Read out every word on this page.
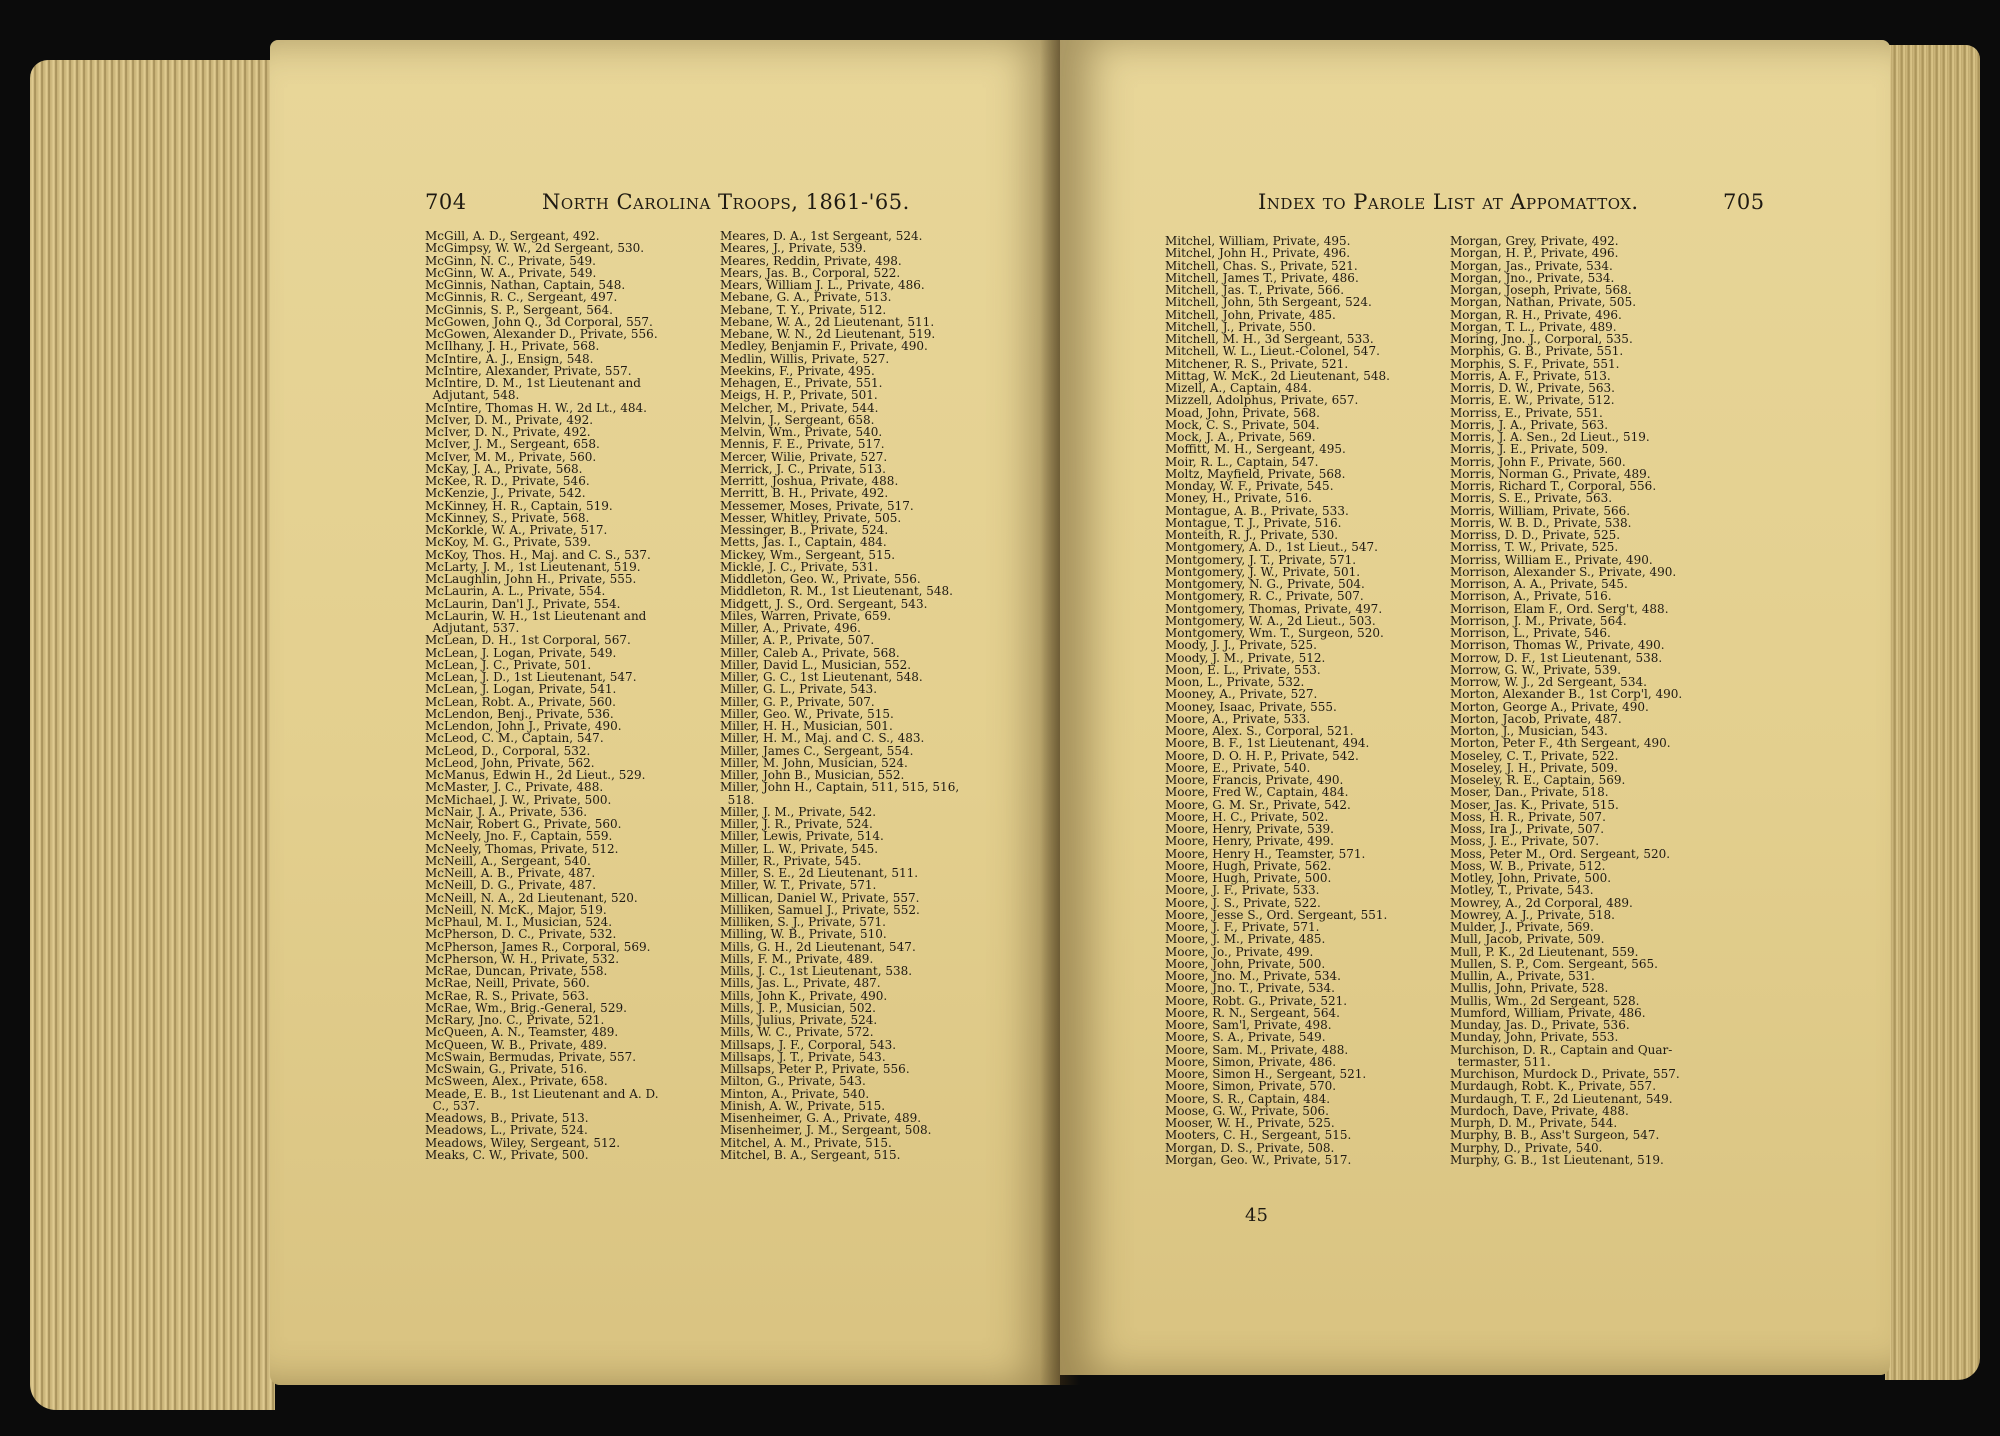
704	North Carolina Troops, 1861-'65.
McGill, A. D., Sergeant, 492.
McGimpsy, W. W., 2d Sergeant, 530.
McGinn, N. C., Private, 549.
McGinn, W. A., Private, 549.
McGinnis, Nathan, Captain, 548.
McGinnis, R. C., Sergeant, 497.
McGinnis, S. P., Sergeant, 564.
McGowen, John Q., 3d Corporal, 557.
McGowen, Alexander D., Private, 556.
McIlhany, J. H., Private, 568.
McIntire, A. J., Ensign, 548.
McIntire, Alexander, Private, 557.
McIntire, D. M., 1st Lieutenant and
Adjutant, 548.
McIntire, Thomas H. W., 2d Lt., 484.
McIver, D. M., Private, 492.
McIver, D. N., Private, 492.
McIver, J. M., Sergeant, 658.
McIver, M. M., Private, 560.
McKay, J. A., Private, 568.
McKee, R. D., Private, 546.
McKenzie, J., Private, 542.
McKinney, H. R., Captain, 519.
McKinney, S., Private, 568.
McKorkle, W. A., Private, 517.
McKoy, M. G., Private, 539.
McKoy, Thos. H., Maj. and C. S., 537.
McLarty, J. M., 1st Lieutenant, 519.
McLaughlin, John H., Private, 555.
McLaurin, A. L., Private, 554.
McLaurin, Dan'l J., Private, 554.
McLaurin, W. H., 1st Lieutenant and
Adjutant, 537.
McLean, D. H., 1st Corporal, 567.
McLean, J. Logan, Private, 549.
McLean, J. C., Private, 501.
McLean, J. D., 1st Lieutenant, 547.
McLean, J. Logan, Private, 541.
McLean, Robt. A., Private, 560.
McLendon, Benj., Private, 536.
McLendon, John J., Private, 490.
McLeod, C. M., Captain, 547.
McLeod, D., Corporal, 532.
McLeod, John, Private, 562.
McManus, Edwin H., 2d Lieut., 529.
McMaster, J. C., Private, 488.
McMichael, J. W., Private, 500.
McNair, J. A., Private, 536.
McNair, Robert G., Private, 560.
McNeely, Jno. F., Captain, 559.
McNeely, Thomas, Private, 512.
McNeill, A., Sergeant, 540.
McNeill, A. B., Private, 487.
McNeill, D. G., Private, 487.
McNeill, N. A., 2d Lieutenant, 520.
McNeill, N. McK., Major, 519.
McPhaul, M. I., Musician, 524.
McPherson, D. C., Private, 532.
McPherson, James R., Corporal, 569.
McPherson, W. H., Private, 532.
McRae, Duncan, Private, 558.
McRae, Neill, Private, 560.
McRae, R. S., Private, 563.
McRae, Wm., Brig.-General, 529.
McRary, Jno. C., Private, 521.
McQueen, A. N., Teamster, 489.
McQueen, W. B., Private, 489.
McSwain, Bermudas, Private, 557.
McSwain, G., Private, 516.
McSween, Alex., Private, 658.
Meade, E. B., 1st Lieutenant and A. D.
C., 537.
Meadows, B., Private, 513.
Meadows, L., Private, 524.
Meadows, Wiley, Sergeant, 512.
Meaks, C. W., Private, 500.
Meares, D. A., 1st Sergeant, 524.
Meares, J., Private, 539.
Meares, Reddin, Private, 498.
Mears, Jas. B., Corporal, 522.
Mears, William J. L., Private, 486.
Mebane, G. A., Private, 513.
Mebane, T. Y., Private, 512.
Mebane, W. A., 2d Lieutenant, 511.
Mebane, W. N., 2d Lieutenant, 519.
Medley, Benjamin F., Private, 490.
Medlin, Willis, Private, 527.
Meekins, F., Private, 495.
Mehagen, E., Private, 551.
Meigs, H. P., Private, 501.
Melcher, M., Private, 544.
Melvin, J., Sergeant, 658.
Melvin, Wm., Private, 540.
Mennis, F. E., Private, 517.
Mercer, Wilie, Private, 527.
Merrick, J. C., Private, 513.
Merritt, Joshua, Private, 488.
Merritt, B. H., Private, 492.
Messemer, Moses, Private, 517.
Messer, Whitley, Private, 505.
Messinger, B., Private, 524.
Metts, Jas. I., Captain, 484.
Mickey, Wm., Sergeant, 515.
Mickle, J. C., Private, 531.
Middleton, Geo. W., Private, 556.
Middleton, R. M., 1st Lieutenant, 548.
Midgett, J. S., Ord. Sergeant, 543.
Miles, Warren, Private, 659.
Miller, A., Private, 496.
Miller, A. P., Private, 507.
Miller, Caleb A., Private, 568.
Miller, David L., Musician, 552.
Miller, G. C., 1st Lieutenant, 548.
Miller, G. L., Private, 543.
Miller, G. P., Private, 507.
Miller, Geo. W., Private, 515.
Miller, H. H., Musician, 501.
Miller, H. M., Maj. and C. S., 483.
Miller, James C., Sergeant, 554.
Miller, M. John, Musician, 524.
Miller, John B., Musician, 552.
Miller, John H., Captain, 511, 515, 516,
518.
Miller, J. M., Private, 542.
Miller, J. R., Private, 524.
Miller, Lewis, Private, 514.
Miller, L. W., Private, 545.
Miller, R., Private, 545.
Miller, S. E., 2d Lieutenant, 511.
Miller, W. T., Private, 571.
Millican, Daniel W., Private, 557.
Milliken, Samuel J., Private, 552.
Milliken, S. J., Private, 571.
Milling, W. B., Private, 510.
Mills, G. H., 2d Lieutenant, 547.
Mills, F. M., Private, 489.
Mills, J. C., 1st Lieutenant, 538.
Mills, Jas. L., Private, 487.
Mills, John K., Private, 490.
Mills, J. P., Musician, 502.
Mills, Julius, Private, 524.
Mills, W. C., Private, 572.
Millsaps, J. F., Corporal, 543.
Millsaps, J. T., Private, 543.
Millsaps, Peter P., Private, 556.
Milton, G., Private, 543.
Minton, A., Private, 540.
Minish, A. W., Private, 515.
Misenheimer, G. A., Private, 489.
Misenheimer, J. M., Sergeant, 508.
Mitchel, A. M., Private, 515.
Mitchel, B. A., Sergeant, 515.
Index to Parole List at Appomattox.	705
Mitchel, William, Private, 495.
Mitchel, John H., Private, 496.
Mitchell, Chas. S., Private, 521.
Mitchell, James T., Private, 486.
Mitchell, Jas. T., Private, 566.
Mitchell, John, 5th Sergeant, 524.
Mitchell, John, Private, 485.
Mitchell, J., Private, 550.
Mitchell, M. H., 3d Sergeant, 533.
Mitchell, W. L., Lieut.-Colonel, 547.
Mitchener, R. S., Private, 521.
Mittag, W. McK., 2d Lieutenant, 548.
Mizell, A., Captain, 484.
Mizzell, Adolphus, Private, 657.
Moad, John, Private, 568.
Mock, C. S., Private, 504.
Mock, J. A., Private, 569.
Moffitt, M. H., Sergeant, 495.
Moir, R. L., Captain, 547.
Moltz, Mayfield, Private, 568.
Monday, W. F., Private, 545.
Money, H., Private, 516.
Montague, A. B., Private, 533.
Montague, T. J., Private, 516.
Monteith, R. J., Private, 530.
Montgomery, A. D., 1st Lieut., 547.
Montgomery, J. T., Private, 571.
Montgomery, J. W., Private, 501.
Montgomery, N. G., Private, 504.
Montgomery, R. C., Private, 507.
Montgomery, Thomas, Private, 497.
Montgomery, W. A., 2d Lieut., 503.
Montgomery, Wm. T., Surgeon, 520.
Moody, J. J., Private, 525.
Moody, J. M., Private, 512.
Moon, E. L., Private, 553.
Moon, L., Private, 532.
Mooney, A., Private, 527.
Mooney, Isaac, Private, 555.
Moore, A., Private, 533.
Moore, Alex. S., Corporal, 521.
Moore, B. F., 1st Lieutenant, 494.
Moore, D. O. H. P., Private, 542.
Moore, E., Private, 540.
Moore, Francis, Private, 490.
Moore, Fred W., Captain, 484.
Moore, G. M. Sr., Private, 542.
Moore, H. C., Private, 502.
Moore, Henry, Private, 539.
Moore, Henry, Private, 499.
Moore, Henry H., Teamster, 571.
Moore, Hugh, Private, 562.
Moore, Hugh, Private, 500.
Moore, J. F., Private, 533.
Moore, J. S., Private, 522.
Moore, Jesse S., Ord. Sergeant, 551.
Moore, J. F., Private, 571.
Moore, J. M., Private, 485.
Moore, Jo., Private, 499.
Moore, John, Private, 500.
Moore, Jno. M., Private, 534.
Moore, Jno. T., Private, 534.
Moore, Robt. G., Private, 521.
Moore, R. N., Sergeant, 564.
Moore, Sam'l, Private, 498.
Moore, S. A., Private, 549.
Moore, Sam. M., Private, 488.
Moore, Simon, Private, 486.
Moore, Simon H., Sergeant, 521.
Moore, Simon, Private, 570.
Moore, S. R., Captain, 484.
Moose, G. W., Private, 506.
Mooser, W. H., Private, 525.
Mooters, C. H., Sergeant, 515.
Morgan, D. S., Private, 508.
Morgan, Geo. W., Private, 517.
Morgan, Grey, Private, 492.
Morgan, H. P., Private, 496.
Morgan, Jas., Private, 534.
Morgan, Jno., Private, 534.
Morgan, Joseph, Private, 568.
Morgan, Nathan, Private, 505.
Morgan, R. H., Private, 496.
Morgan, T. L., Private, 489.
Moring, Jno. J., Corporal, 535.
Morphis, G. B., Private, 551.
Morphis, S. F., Private, 551.
Morris, A. F., Private, 513.
Morris, D. W., Private, 563.
Morris, E. W., Private, 512.
Morriss, E., Private, 551.
Morris, J. A., Private, 563.
Morris, J. A. Sen., 2d Lieut., 519.
Morris, J. E., Private, 509.
Morris, John F., Private, 560.
Morris, Norman G., Private, 489.
Morris, Richard T., Corporal, 556.
Morris, S. E., Private, 563.
Morris, William, Private, 566.
Morris, W. B. D., Private, 538.
Morriss, D. D., Private, 525.
Morriss, T. W., Private, 525.
Morriss, William E., Private, 490.
Morrison, Alexander S., Private, 490.
Morrison, A. A., Private, 545.
Morrison, A., Private, 516.
Morrison, Elam F., Ord. Serg't, 488.
Morrison, J. M., Private, 564.
Morrison, L., Private, 546.
Morrison, Thomas W., Private, 490.
Morrow, D. F., 1st Lieutenant, 538.
Morrow, G. W., Private, 539.
Morrow, W. J., 2d Sergeant, 534.
Morton, Alexander B., 1st Corp'l, 490.
Morton, George A., Private, 490.
Morton, Jacob, Private, 487.
Morton, J., Musician, 543.
Morton, Peter F., 4th Sergeant, 490.
Moseley, C. T., Private, 522.
Moseley, J. H., Private, 509.
Moseley, R. E., Captain, 569.
Moser, Dan., Private, 518.
Moser, Jas. K., Private, 515.
Moss, H. R., Private, 507.
Moss, Ira J., Private, 507.
Moss, J. E., Private, 507.
Moss, Peter M., Ord. Sergeant, 520.
Moss, W. B., Private, 512.
Motley, John, Private, 500.
Motley, T., Private, 543.
Mowrey, A., 2d Corporal, 489.
Mowrey, A. J., Private, 518.
Mulder, J., Private, 569.
Mull, Jacob, Private, 509.
Mull, P. K., 2d Lieutenant, 559.
Mullen, S. P., Com. Sergeant, 565.
Mullin, A., Private, 531.
Mullis, John, Private, 528.
Mullis, Wm., 2d Sergeant, 528.
Mumford, William, Private, 486.
Munday, Jas. D., Private, 536.
Munday, John, Private, 553.
Murchison, D. R., Captain and Quar-
termaster, 511.
Murchison, Murdock D., Private, 557.
Murdaugh, Robt. K., Private, 557.
Murdaugh, T. F., 2d Lieutenant, 549.
Murdoch, Dave, Private, 488.
Murph, D. M., Private, 544.
Murphy, B. B., Ass't Surgeon, 547.
Murphy, D., Private, 540.
Murphy, G. B., 1st Lieutenant, 519.
45
